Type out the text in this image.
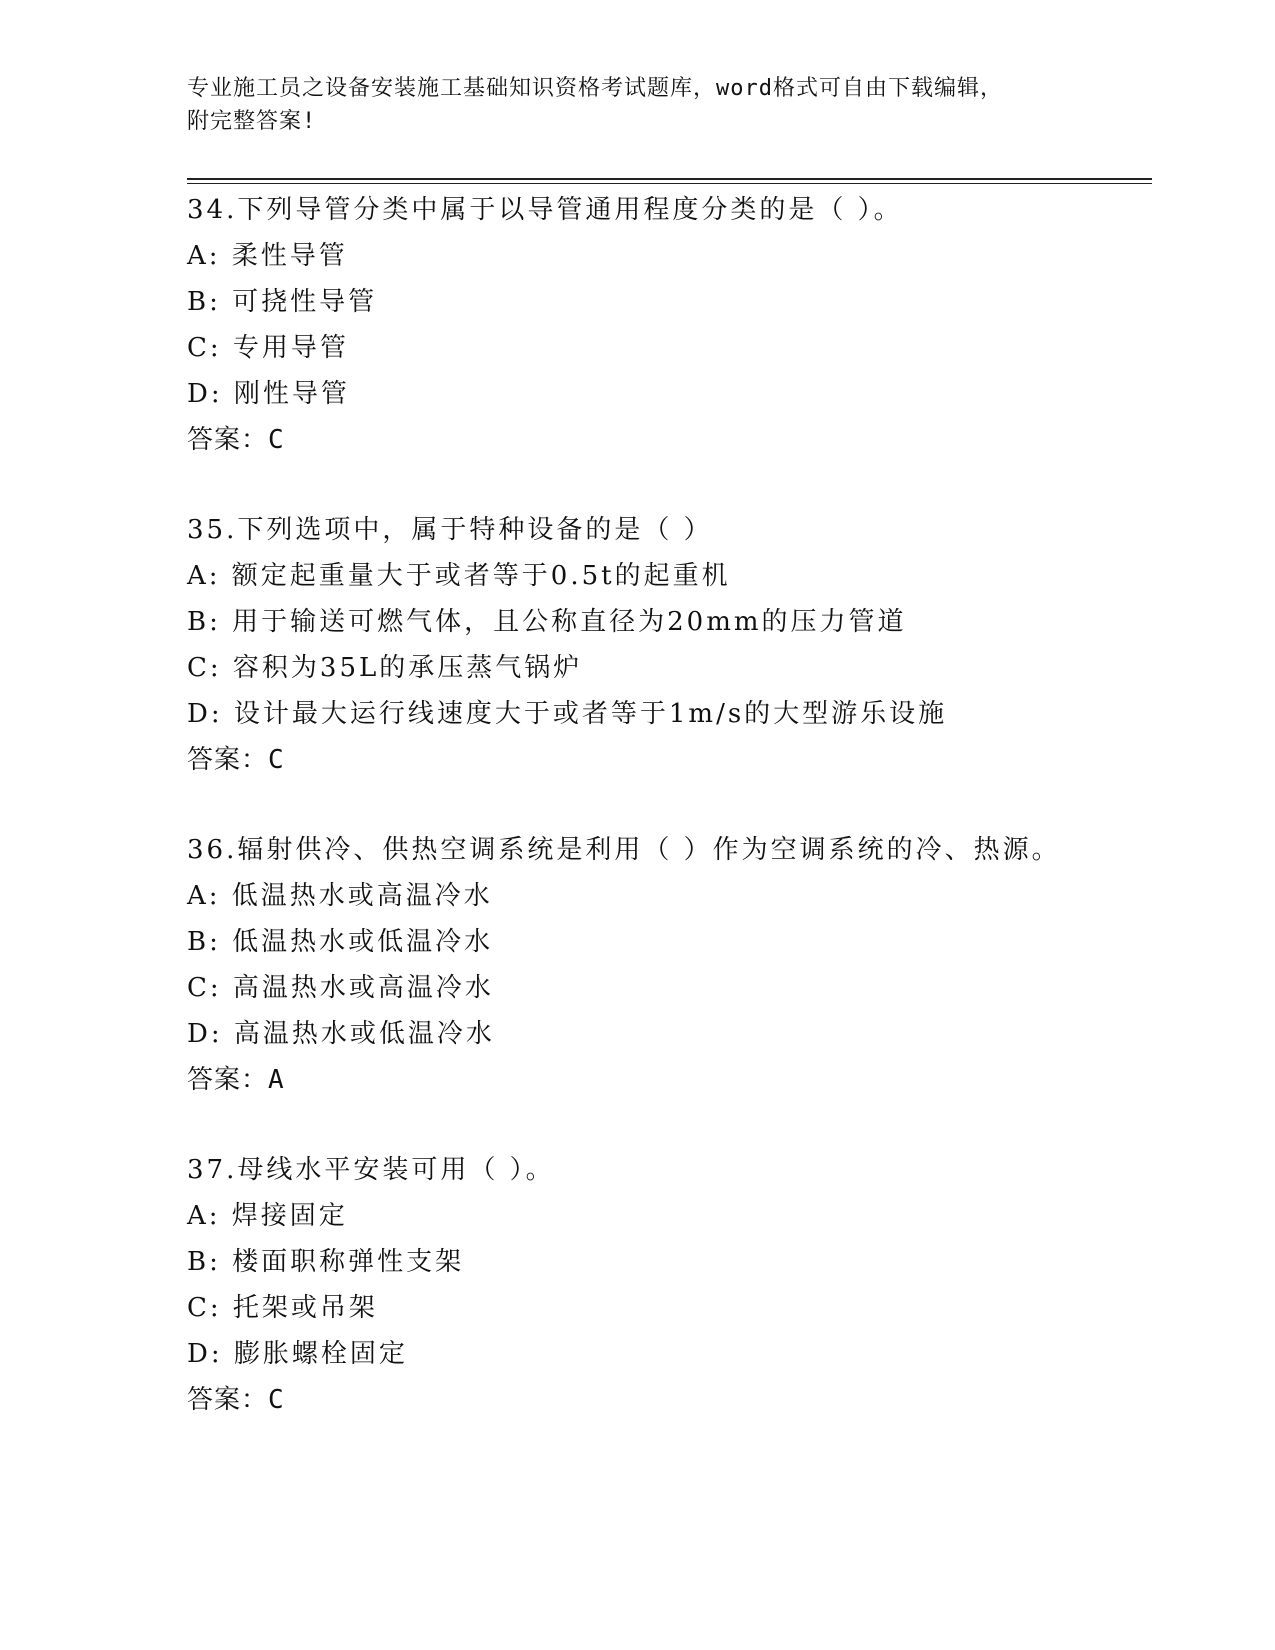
专业施工员之设备安装施工基础知识资格考试题库，word格式可自由下载编辑，
附完整答案!
34.下列导管分类中属于以导管通用程度分类的是（ ）。
A: 柔性导管
B: 可挠性导管
C: 专用导管
D: 刚性导管
答案：C
35.下列选项中，属于特种设备的是（ ）
A: 额定起重量大于或者等于0.5t的起重机
B: 用于输送可燃气体，且公称直径为20mm的压力管道
C: 容积为35L的承压蒸气锅炉
D: 设计最大运行线速度大于或者等于1m/s的大型游乐设施
答案：C
36.辐射供冷、供热空调系统是利用（ ）作为空调系统的冷、热源。
A: 低温热水或高温冷水
B: 低温热水或低温冷水
C: 高温热水或高温冷水
D: 高温热水或低温冷水
答案：A
37.母线水平安装可用（ ）。
A: 焊接固定
B: 楼面职称弹性支架
C: 托架或吊架
D: 膨胀螺栓固定
答案：C
